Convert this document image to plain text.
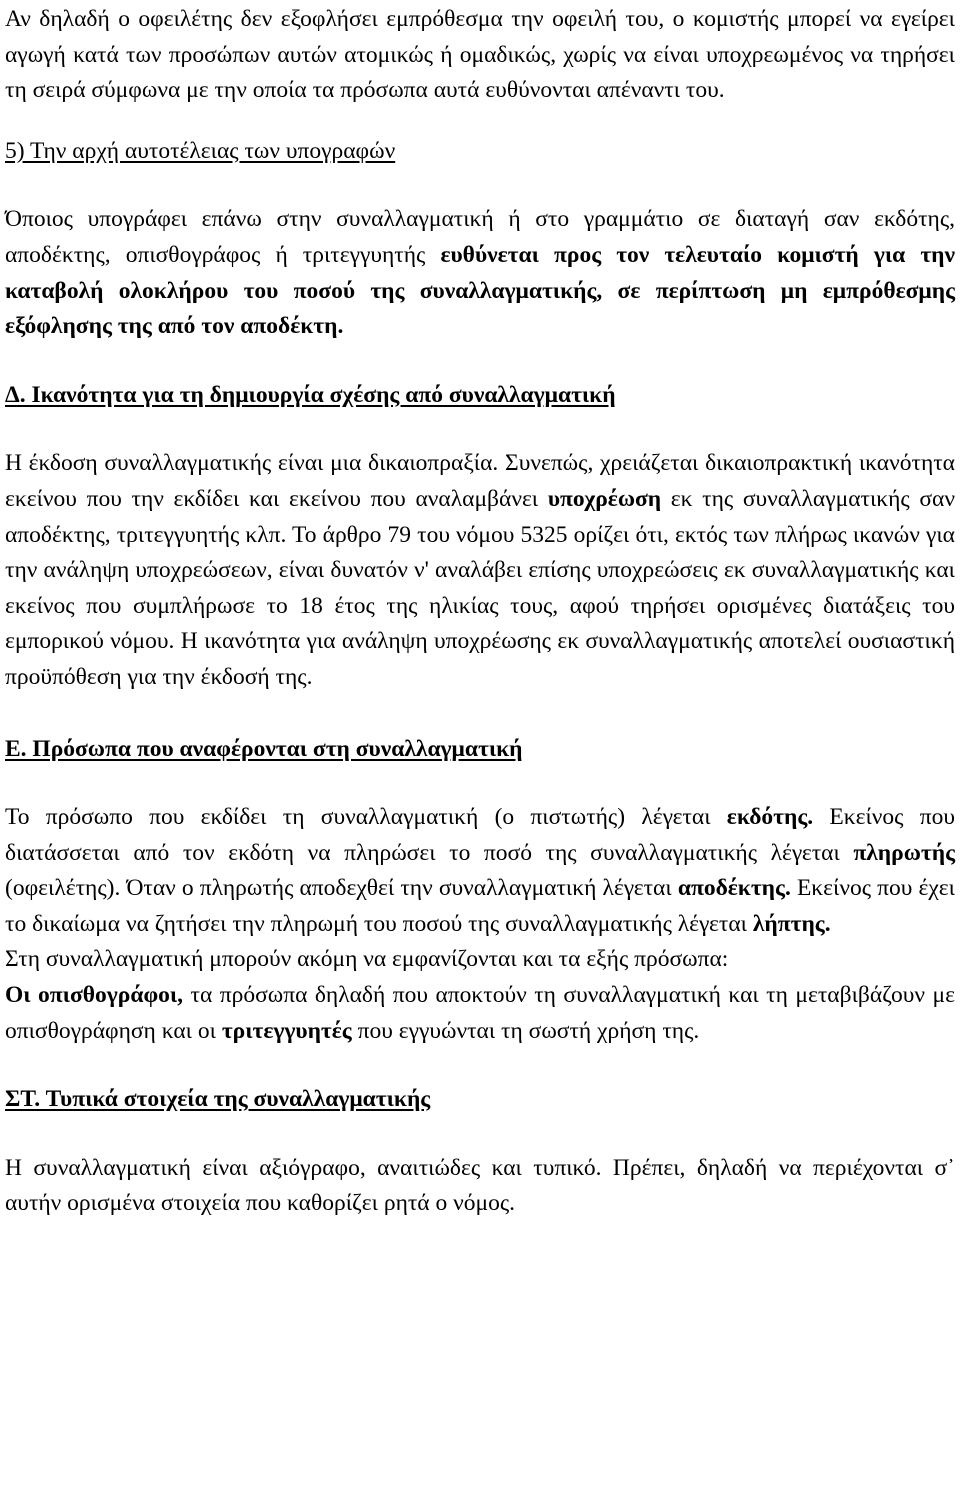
Αν δηλαδή ο οφειλέτης δεν εξοφλήσει εμπρόθεσμα την οφειλή του, ο κομιστής μπορεί να εγείρει αγωγή κατά των προσώπων αυτών ατομικώς ή ομαδικώς, χωρίς να είναι υποχρεωμένος να τηρήσει τη σειρά σύμφωνα με την οποία τα πρόσωπα αυτά ευθύνονται απέναντι του.

5) Την αρχή αυτοτέλειας των υπογραφών

Όποιος υπογράφει επάνω στην συναλλαγματική ή στο γραμμάτιο σε διαταγή σαν εκδότης, αποδέκτης, οπισθογράφος ή τριτεγγυητής ευθύνεται προς τον τελευταίο κομιστή για την καταβολή ολοκλήρου του ποσού της συναλλαγματικής, σε περίπτωση μη εμπρόθεσμης εξόφλησης της από τον αποδέκτη.

Δ. Ικανότητα για τη δημιουργία σχέσης από συναλλαγματική

Η έκδοση συναλλαγματικής είναι μια δικαιοπραξία. Συνεπώς, χρειάζεται δικαιοπρακτική ικανότητα εκείνου που την εκδίδει και εκείνου που αναλαμβάνει υποχρέωση εκ της συναλλαγματικής σαν αποδέκτης, τριτεγγυητής κλπ. Το άρθρο 79 του νόμου 5325 ορίζει ότι, εκτός των πλήρως ικανών για την ανάληψη υποχρεώσεων, είναι δυνατόν ν' αναλάβει επίσης υποχρεώσεις εκ συναλλαγματικής και εκείνος που συμπλήρωσε το 18 έτος της ηλικίας τους, αφού τηρήσει ορισμένες διατάξεις του εμπορικού νόμου. Η ικανότητα για ανάληψη υποχρέωσης εκ συναλλαγματικής αποτελεί ουσιαστική προϋπόθεση για την έκδοσή της.

Ε. Πρόσωπα που αναφέρονται στη συναλλαγματική

Το πρόσωπο που εκδίδει τη συναλλαγματική (ο πιστωτής) λέγεται εκδότης. Εκείνος που διατάσσεται από τον εκδότη να πληρώσει το ποσό της συναλλαγματικής λέγεται πληρωτής (οφειλέτης). Όταν ο πληρωτής αποδεχθεί την συναλλαγματική λέγεται αποδέκτης. Εκείνος που έχει το δικαίωμα να ζητήσει την πληρωμή του ποσού της συναλλαγματικής λέγεται λήπτης.

Στη συναλλαγματική μπορούν ακόμη να εμφανίζονται και τα εξής πρόσωπα:

Οι οπισθογράφοι, τα πρόσωπα δηλαδή που αποκτούν τη συναλλαγματική και τη μεταβιβάζουν με οπισθογράφηση και οι τριτεγγυητές που εγγυώνται τη σωστή χρήση της.

ΣΤ. Τυπικά στοιχεία της συναλλαγματικής

Η συναλλαγματική είναι αξιόγραφο, αναιτιώδες και τυπικό. Πρέπει, δηλαδή να περιέχονται σ᾽ αυτήν ορισμένα στοιχεία που καθορίζει ρητά ο νόμος.
